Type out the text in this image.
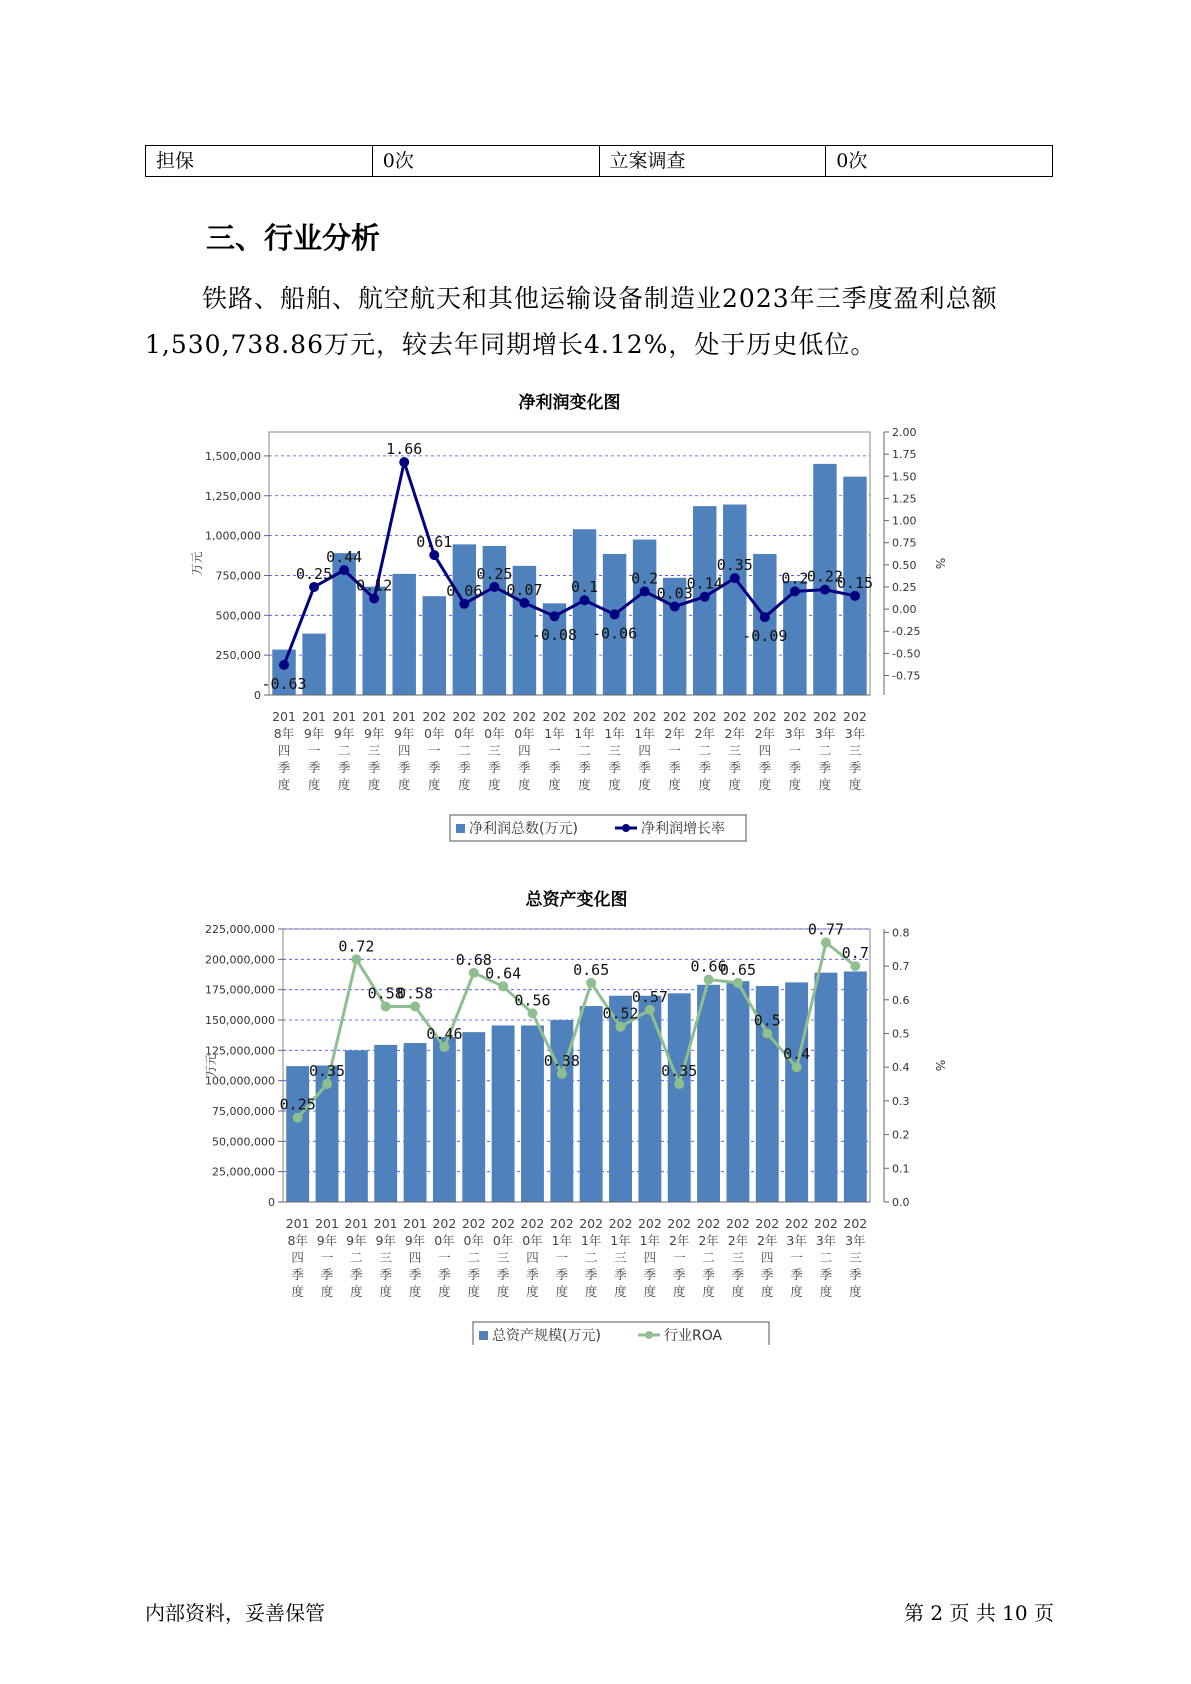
担保	0次	立案调查	0次
三、行业分析

铁路、船舶、航空航天和其他运输设备制造业2023年三季度盈利总额1,530,738.86万元，较去年同期增长4.12%，处于历史低位。

净利润变化图
0
250,000
500,000
750,000
1,000,000
1,250,000
1,500,000
-0.75
-0.50
-0.25
0.00
0.25
0.50
0.75
1.00
1.25
1.50
1.75
2.00
万元	%
-0.63
0.25
0.44
0.12
1.66
0.61
0.06
0.25
0.07
-0.08
0.1
-0.06
0.2
0.03
0.14
0.35
-0.09
0.2
0.22
0.15
201
8年
四
季
度
201
9年
一
季
度
201
9年
二
季
度
201
9年
三
季
度
201
9年
四
季
度
202
0年
一
季
度
202
0年
二
季
度
202
0年
三
季
度
202
0年
四
季
度
202
1年
一
季
度
202
1年
二
季
度
202
1年
三
季
度
202
1年
四
季
度
202
2年
一
季
度
202
2年
二
季
度
202
2年
三
季
度
202
2年
四
季
度
202
3年
一
季
度
202
3年
二
季
度
202
3年
三
季
度
净利润总数(万元)	净利润增长率
总资产变化图
0
25,000,000
50,000,000
75,000,000
100,000,000
125,000,000
150,000,000
175,000,000
200,000,000
225,000,000
0.0
0.1
0.2
0.3
0.4
0.5
0.6
0.7
0.8
万元	%
0.25
0.35
0.72
0.58
0.58
0.46
0.68
0.64
0.56
0.38
0.65
0.52
0.57
0.35
0.66
0.65
0.5
0.4
0.77
0.7
201
8年
四
季
度
201
9年
一
季
度
201
9年
二
季
度
201
9年
三
季
度
201
9年
四
季
度
202
0年
一
季
度
202
0年
二
季
度
202
0年
三
季
度
202
0年
四
季
度
202
1年
一
季
度
202
1年
二
季
度
202
1年
三
季
度
202
1年
四
季
度
202
2年
一
季
度
202
2年
二
季
度
202
2年
三
季
度
202
2年
四
季
度
202
3年
一
季
度
202
3年
二
季
度
202
3年
三
季
度
总资产规模(万元)	行业ROA
内部资料，妥善保管	第 2 页 共 10 页
